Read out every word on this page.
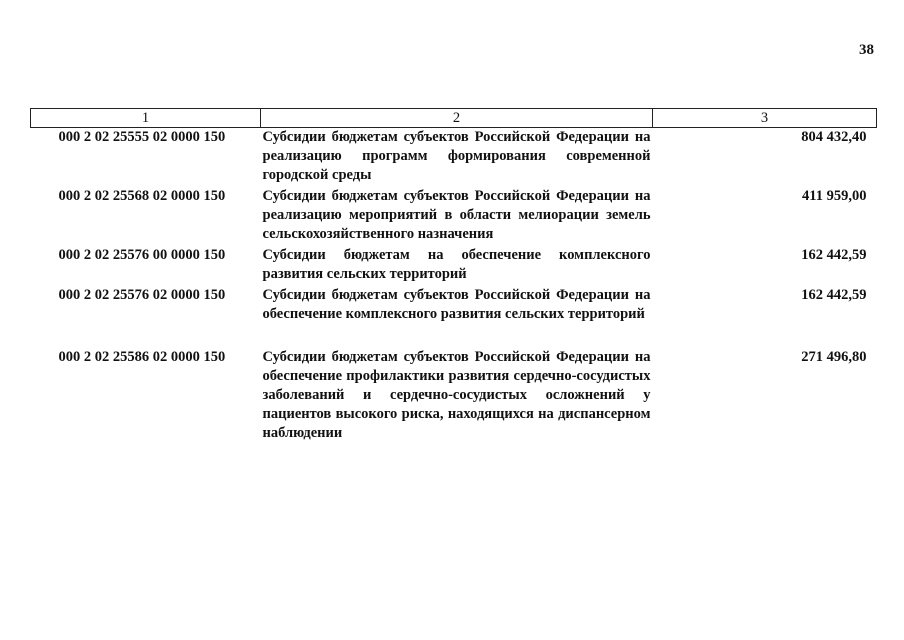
38
1	2	3
000 2 02 25555 02 0000 150	Субсидии бюджетам субъектов Российской Федерации на реализацию программ формирования современной городской среды	804 432,40
000 2 02 25568 02 0000 150	Субсидии бюджетам субъектов Российской Федерации на реализацию мероприятий в области мелиорации земель сельскохозяйственного назначения	411 959,00
000 2 02 25576 00 0000 150	Субсидии бюджетам на обеспечение комплексного развития сельских территорий	162 442,59
000 2 02 25576 02 0000 150	Субсидии бюджетам субъектов Российской Федерации на обеспечение комплексного развития сельских территорий	162 442,59
000 2 02 25586 02 0000 150	Субсидии бюджетам субъектов Российской Федерации на обеспечение профилактики развития сердечно-сосудистых заболеваний и сердечно-сосудистых осложнений у пациентов высокого риска, находящихся на диспансерном наблюдении	271 496,80
